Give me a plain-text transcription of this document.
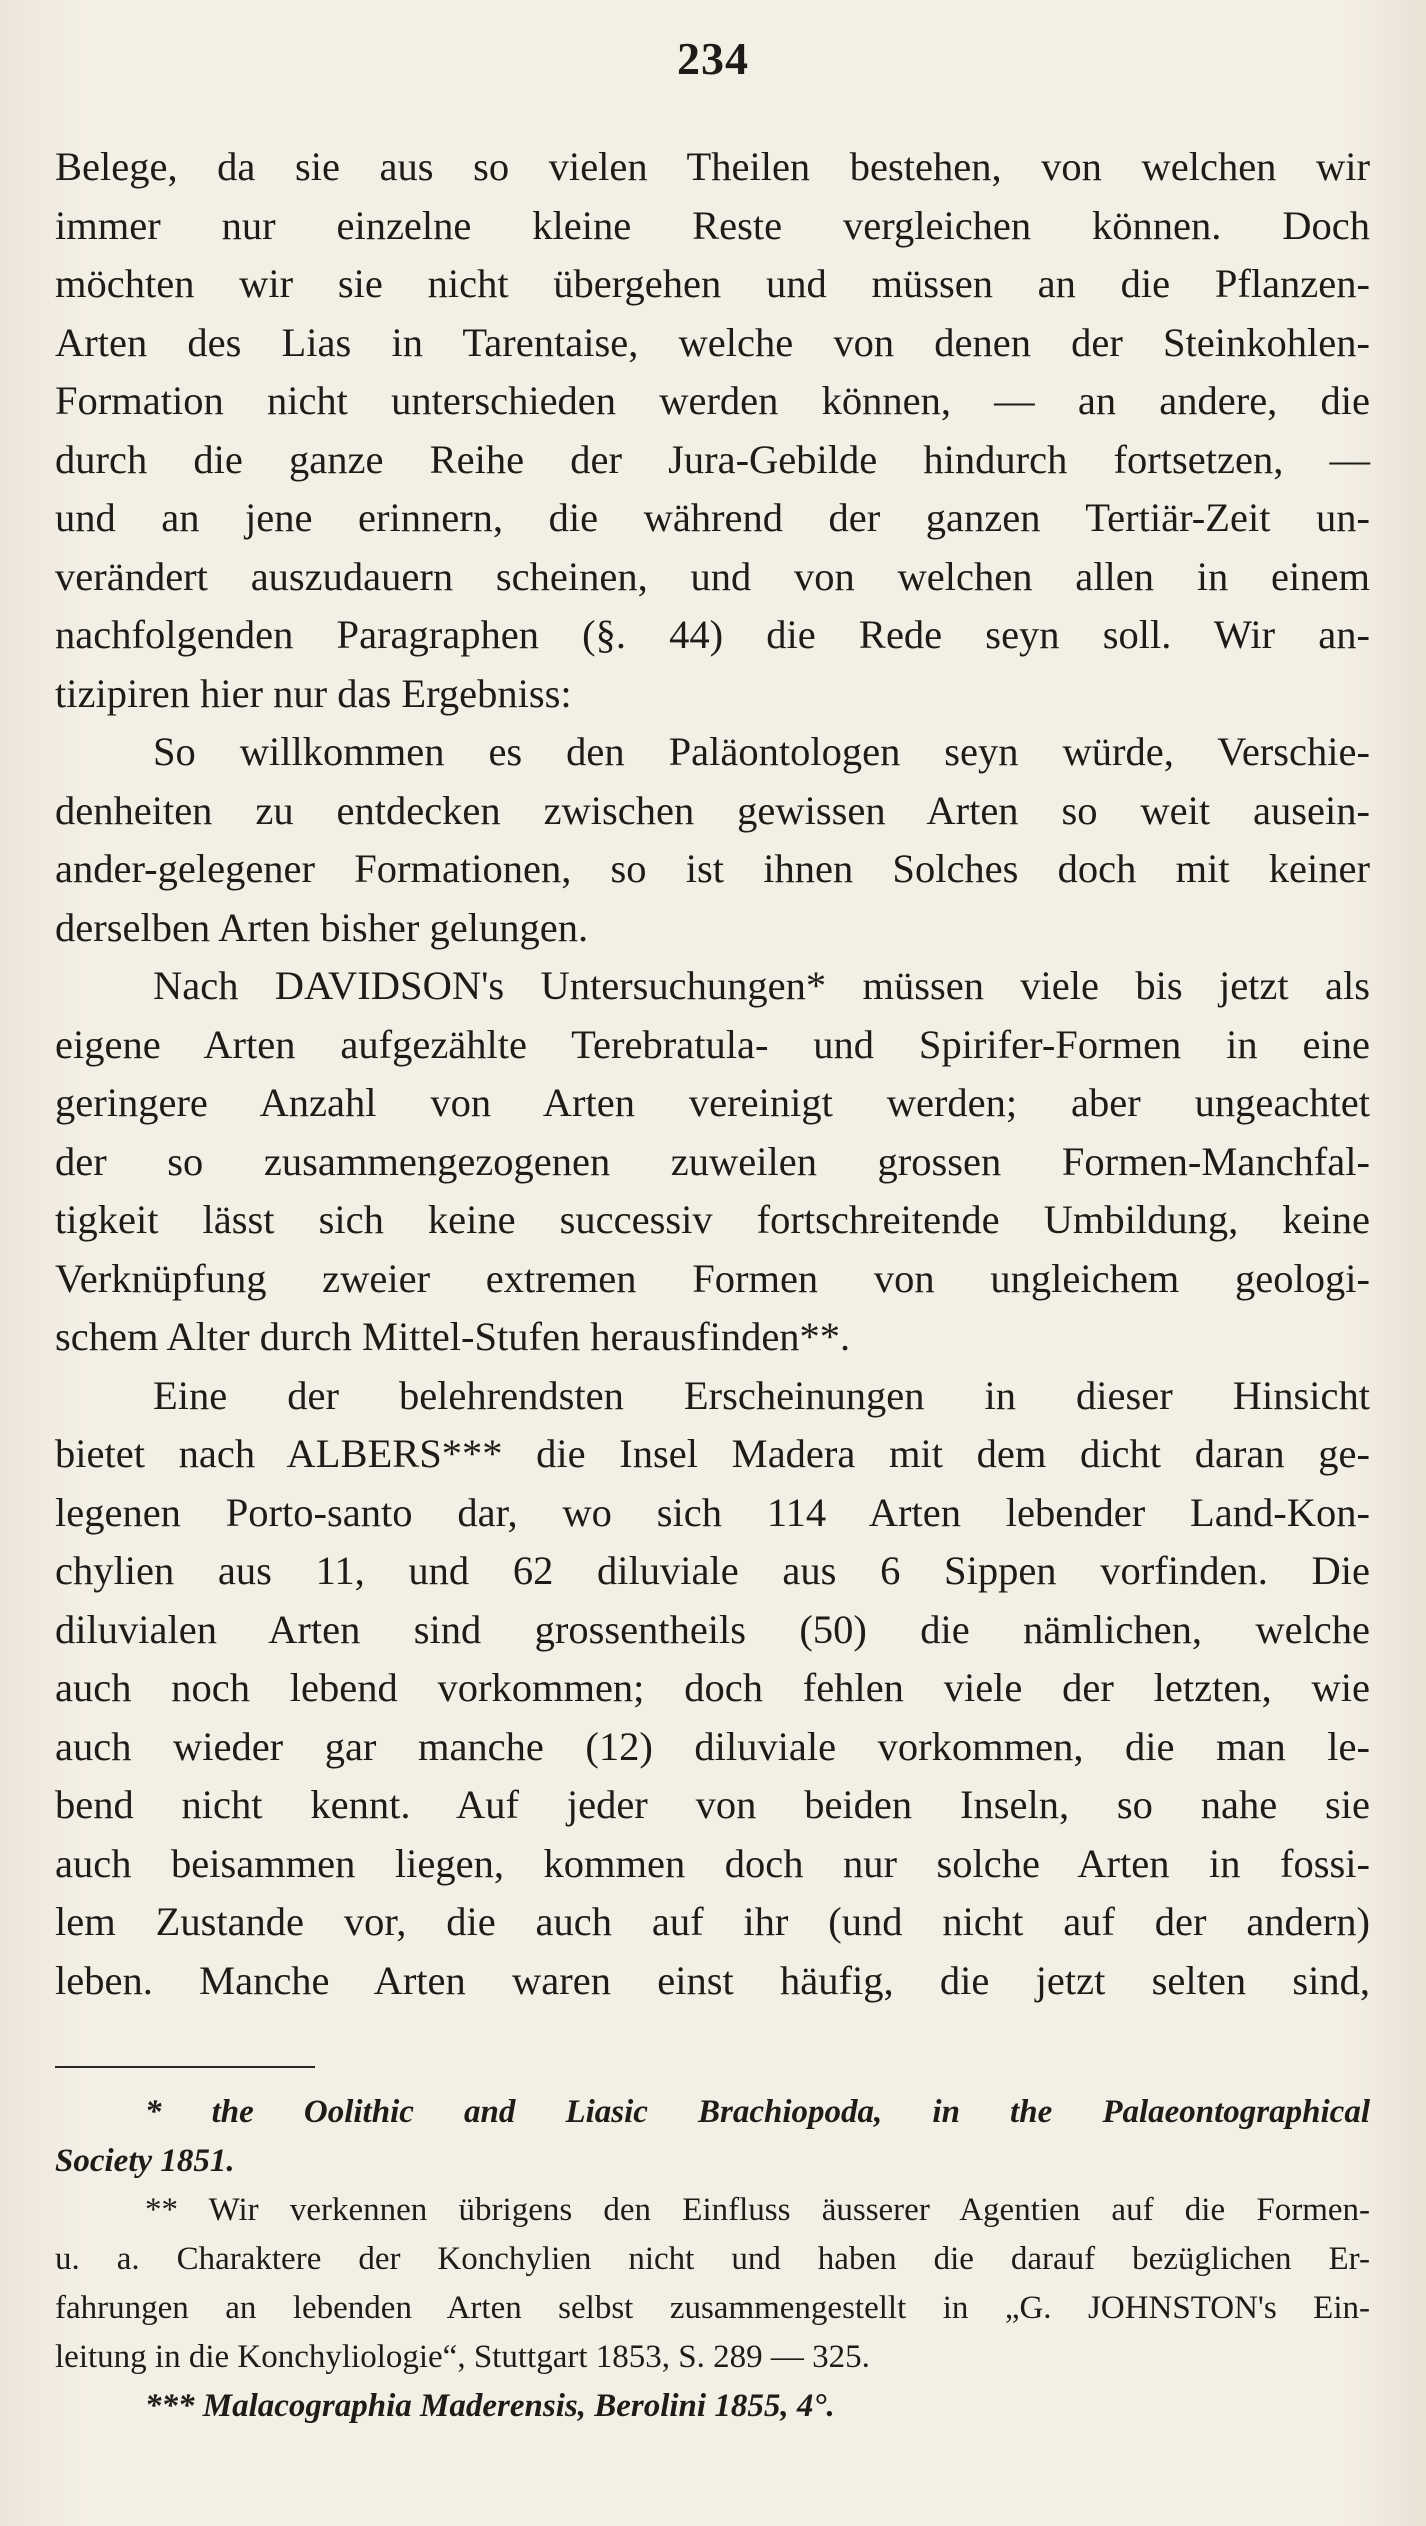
234
Belege, da sie aus so vielen Theilen bestehen, von welchen wir
immer nur einzelne kleine Reste vergleichen können. Doch
möchten wir sie nicht übergehen und müssen an die Pflanzen-
Arten des Lias in Tarentaise, welche von denen der Steinkohlen-
Formation nicht unterschieden werden können, — an andere, die
durch die ganze Reihe der Jura-Gebilde hindurch fortsetzen, —
und an jene erinnern, die während der ganzen Tertiär-Zeit un-
verändert auszudauern scheinen, und von welchen allen in einem
nachfolgenden Paragraphen (§. 44) die Rede seyn soll. Wir an-
tizipiren hier nur das Ergebniss:
So willkommen es den Paläontologen seyn würde, Verschie-
denheiten zu entdecken zwischen gewissen Arten so weit ausein-
ander-gelegener Formationen, so ist ihnen Solches doch mit keiner
derselben Arten bisher gelungen.
Nach DAVIDSON's Untersuchungen* müssen viele bis jetzt als
eigene Arten aufgezählte Terebratula- und Spirifer-Formen in eine
geringere Anzahl von Arten vereinigt werden; aber ungeachtet
der so zusammengezogenen zuweilen grossen Formen-Manchfal-
tigkeit lässt sich keine successiv fortschreitende Umbildung, keine
Verknüpfung zweier extremen Formen von ungleichem geologi-
schem Alter durch Mittel-Stufen herausfinden**.
Eine der belehrendsten Erscheinungen in dieser Hinsicht
bietet nach ALBERS*** die Insel Madera mit dem dicht daran ge-
legenen Porto-santo dar, wo sich 114 Arten lebender Land-Kon-
chylien aus 11, und 62 diluviale aus 6 Sippen vorfinden. Die
diluvialen Arten sind grossentheils (50) die nämlichen, welche
auch noch lebend vorkommen; doch fehlen viele der letzten, wie
auch wieder gar manche (12) diluviale vorkommen, die man le-
bend nicht kennt. Auf jeder von beiden Inseln, so nahe sie
auch beisammen liegen, kommen doch nur solche Arten in fossi-
lem Zustande vor, die auch auf ihr (und nicht auf der andern)
leben. Manche Arten waren einst häufig, die jetzt selten sind,
* the Oolithic and Liasic Brachiopoda, in the Palaeontographical
Society 1851.
** Wir verkennen übrigens den Einfluss äusserer Agentien auf die Formen-
u. a. Charaktere der Konchylien nicht und haben die darauf bezüglichen Er-
fahrungen an lebenden Arten selbst zusammengestellt in „G. JOHNSTON's Ein-
leitung in die Konchyliologie“, Stuttgart 1853, S. 289 — 325.
*** Malacographia Maderensis, Berolini 1855, 4°.
